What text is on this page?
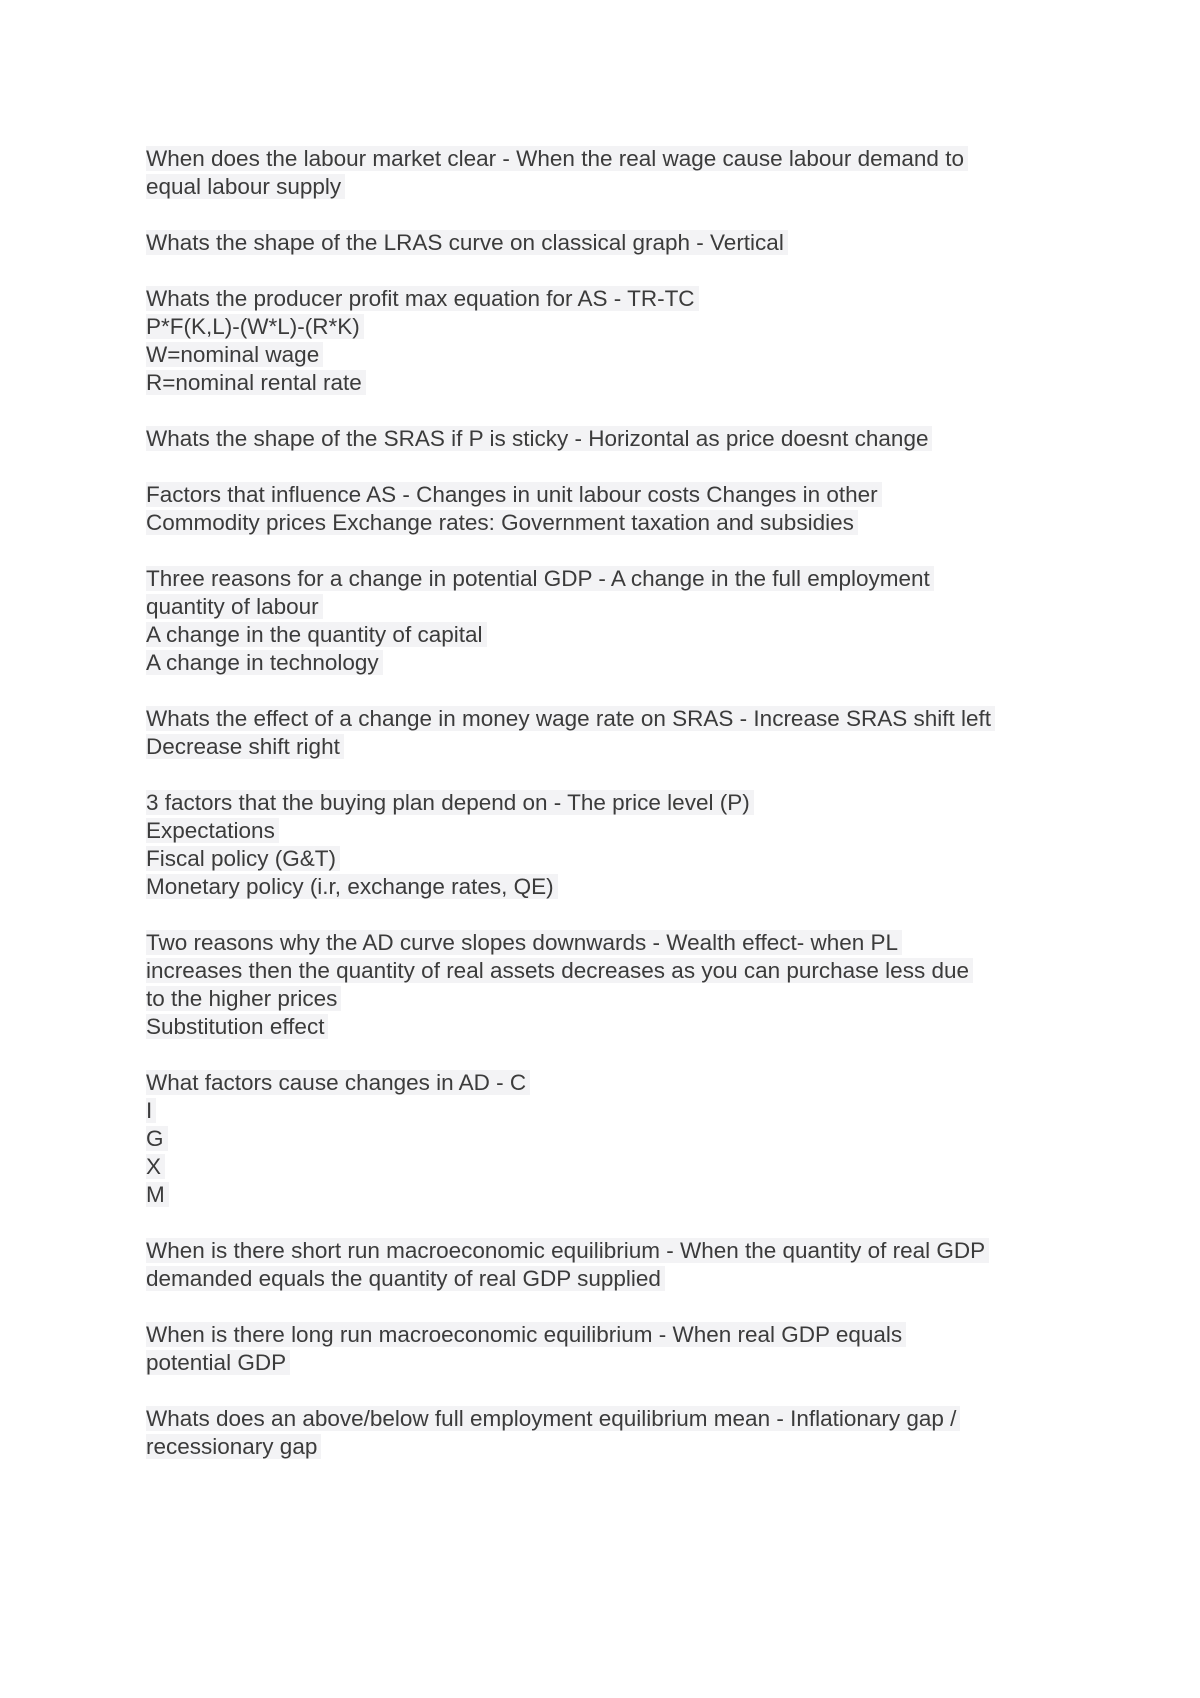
When does the labour market clear - When the real wage cause labour demand to
equal labour supply
Whats the shape of the LRAS curve on classical graph - Vertical
Whats the producer profit max equation for AS - TR-TC
P*F(K,L)-(W*L)-(R*K)
W=nominal wage
R=nominal rental rate
Whats the shape of the SRAS if P is sticky - Horizontal as price doesnt change
Factors that influence AS - Changes in unit labour costs Changes in other
Commodity prices Exchange rates: Government taxation and subsidies
Three reasons for a change in potential GDP - A change in the full employment
quantity of labour
A change in the quantity of capital
A change in technology
Whats the effect of a change in money wage rate on SRAS - Increase SRAS shift left
Decrease shift right
3 factors that the buying plan depend on - The price level (P)
Expectations
Fiscal policy (G&T)
Monetary policy (i.r, exchange rates, QE)
Two reasons why the AD curve slopes downwards - Wealth effect- when PL
increases then the quantity of real assets decreases as you can purchase less due
to the higher prices
Substitution effect
What factors cause changes in AD - C
I
G
X
M
When is there short run macroeconomic equilibrium - When the quantity of real GDP
demanded equals the quantity of real GDP supplied
When is there long run macroeconomic equilibrium - When real GDP equals
potential GDP
Whats does an above/below full employment equilibrium mean - Inflationary gap /
recessionary gap
